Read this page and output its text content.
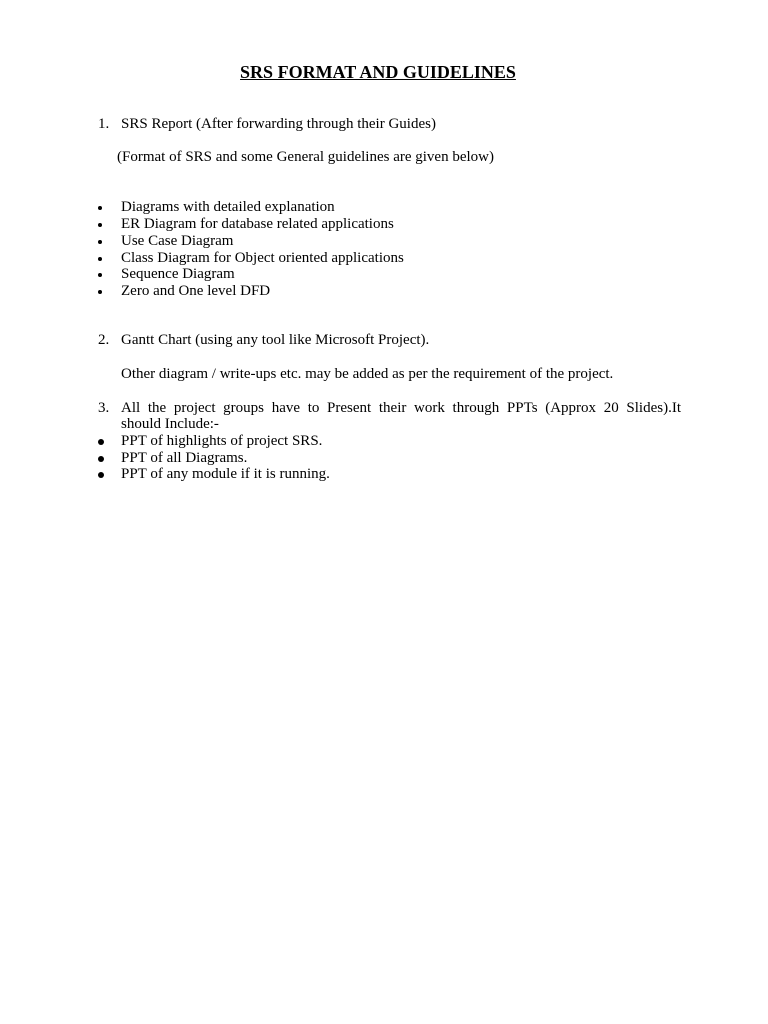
SRS FORMAT AND GUIDELINES
1. SRS Report (After forwarding through their Guides)
(Format of SRS and some General guidelines are given below)
Diagrams with detailed explanation
ER Diagram for database related applications
Use Case Diagram
Class Diagram for Object oriented applications
Sequence Diagram
Zero and One level DFD
2. Gantt Chart (using any tool like Microsoft Project).
Other diagram / write-ups etc. may be added as per the requirement of the project.
3. All the project groups have to Present their work through PPTs (Approx 20 Slides).It
should Include:-
PPT of highlights of project SRS.
PPT of all Diagrams.
PPT of any module if it is running.
